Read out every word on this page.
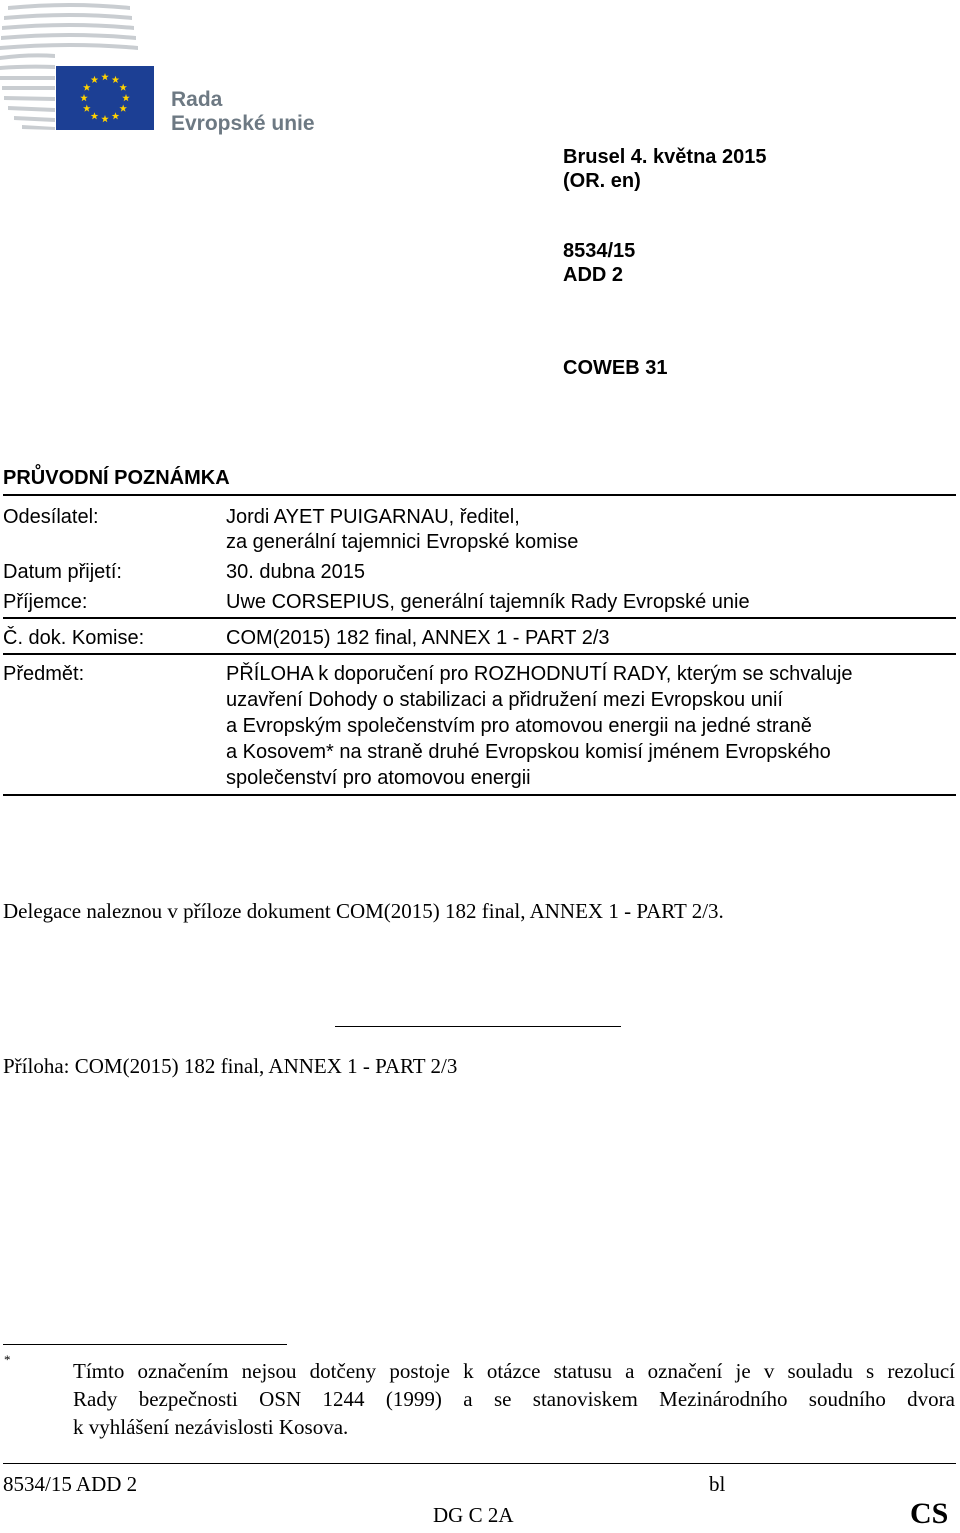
Rada
Evropské unie
Brusel 4. května 2015
(OR. en)
8534/15
ADD 2
COWEB 31
PRŮVODNÍ POZNÁMKA
Odesílatel:	Jordi AYET PUIGARNAU, ředitel,
za generální tajemnici Evropské komise
Datum přijetí:	30. dubna 2015
Příjemce:	Uwe CORSEPIUS, generální tajemník Rady Evropské unie
Č. dok. Komise:	COM(2015) 182 final, ANNEX 1 - PART 2/3
Předmět:	PŘÍLOHA k doporučení pro ROZHODNUTÍ RADY, kterým se schvaluje
uzavření Dohody o stabilizaci a přidružení mezi Evropskou unií
a Evropským společenstvím pro atomovou energii na jedné straně
a Kosovem* na straně druhé Evropskou komisí jménem Evropského
společenství pro atomovou energii
Delegace naleznou v příloze dokument COM(2015) 182 final, ANNEX 1 - PART 2/3.
Příloha: COM(2015) 182 final, ANNEX 1 - PART 2/3
*	Tímto označením nejsou dotčeny postoje k otázce statusu a označení je v souladu s rezolucí
Rady bezpečnosti OSN 1244 (1999) a se stanoviskem Mezinárodního soudního dvora
k vyhlášení nezávislosti Kosova.
8534/15 ADD 2	bl
DG C 2A	CS
